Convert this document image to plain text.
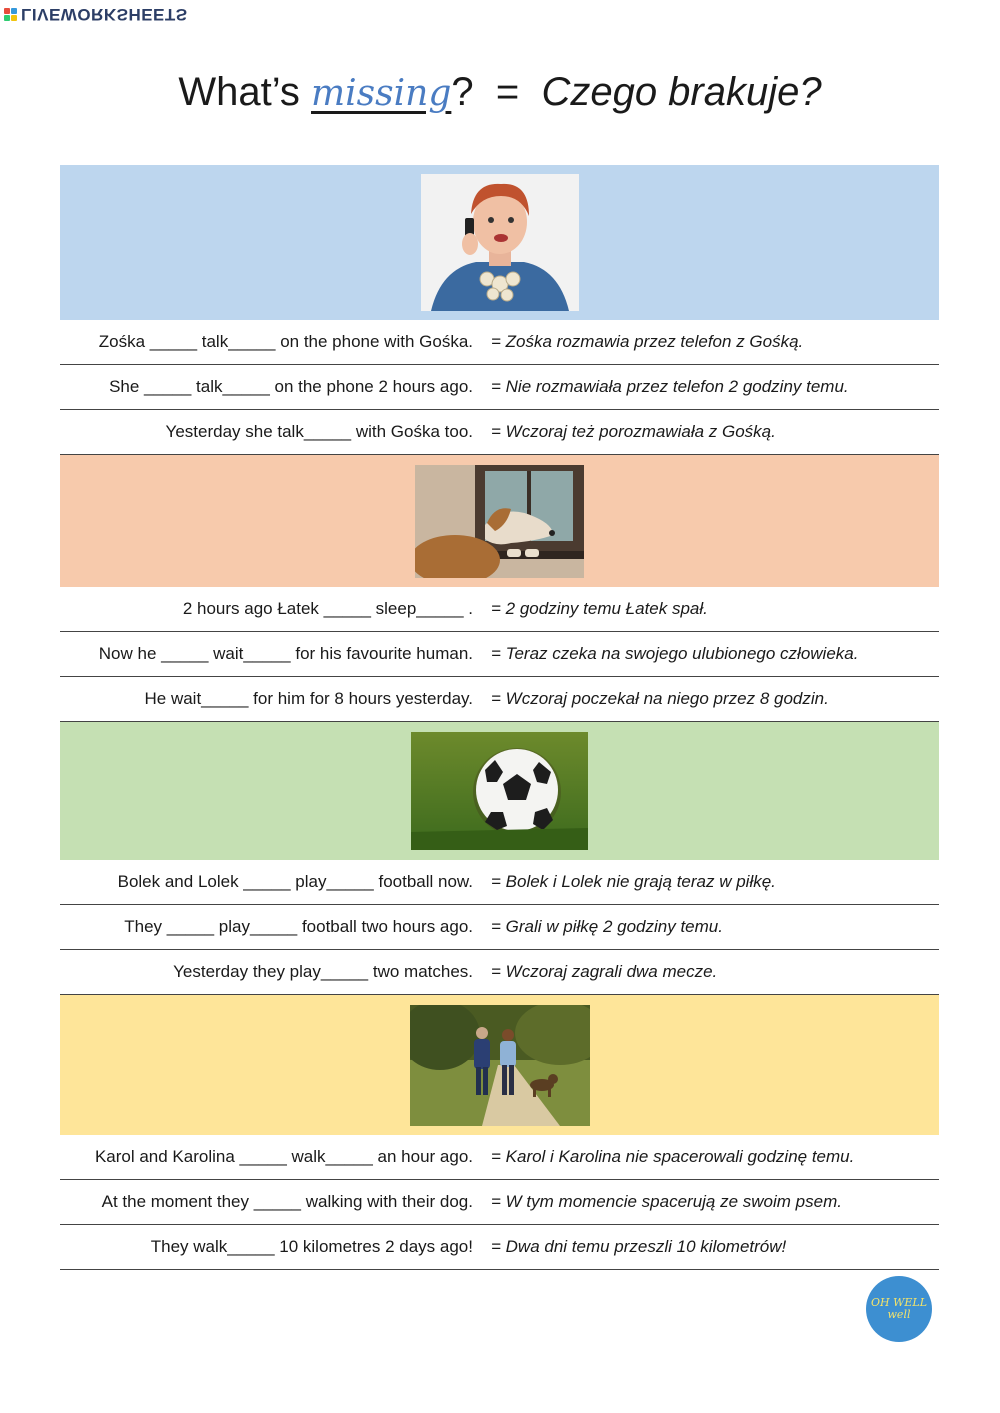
LIVEWORKSHEETS
What’s missing? = Czego brakuje?
Zośka _____ talk_____ on the phone with Gośka.	= Zośka rozmawia przez telefon z Gośką.
She _____ talk_____ on the phone 2 hours ago.	= Nie rozmawiała przez telefon 2 godziny temu.
Yesterday she talk_____ with Gośka too.	= Wczoraj też porozmawiała z Gośką.
2 hours ago Łatek _____ sleep_____ .	= 2 godziny temu Łatek spał.
Now he _____ wait_____ for his favourite human.	= Teraz czeka na swojego ulubionego człowieka.
He wait_____ for him for 8 hours yesterday.	= Wczoraj poczekał na niego przez 8 godzin.
Bolek and Lolek _____ play_____ football now.	= Bolek i Lolek nie grają teraz w piłkę.
They _____ play_____ football two hours ago.	= Grali w piłkę 2 godziny temu.
Yesterday they play_____ two matches.	= Wczoraj zagrali dwa mecze.
Karol and Karolina _____ walk_____ an hour ago.	= Karol i Karolina nie spacerowali godzinę temu.
At the moment they _____ walking with their dog.	= W tym momencie spacerują ze swoim psem.
They walk_____ 10 kilometres 2 days ago!	= Dwa dni temu przeszli 10 kilometrów!
OH WELL
well
